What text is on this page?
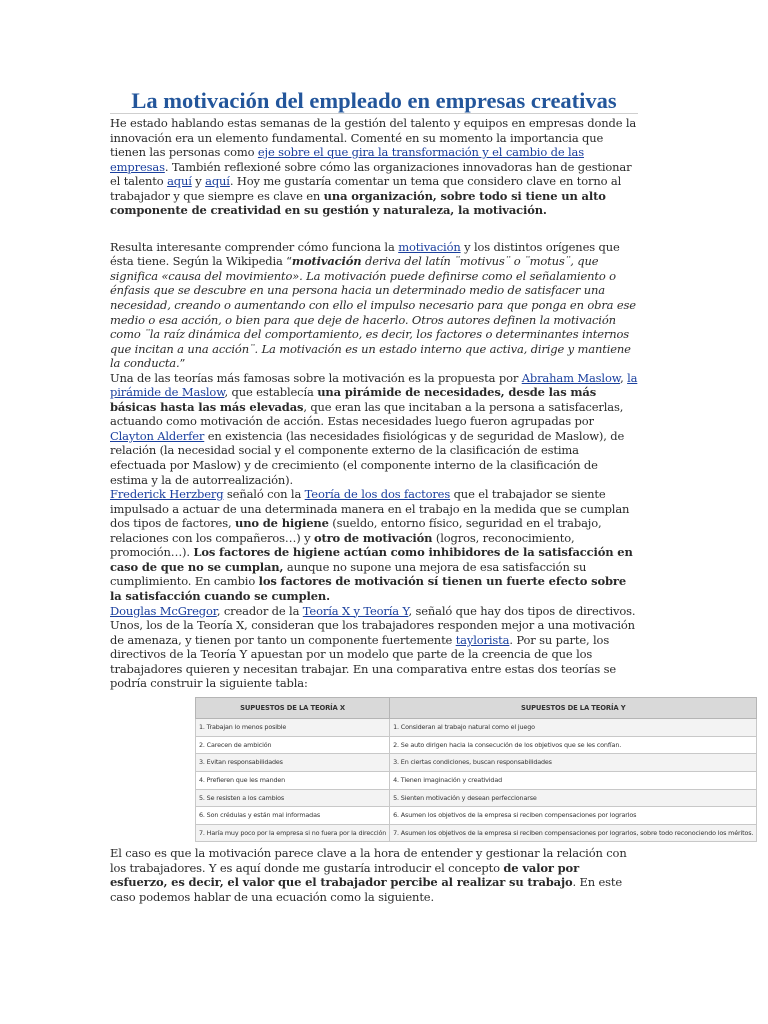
La motivación del empleado en empresas creativas

He estado hablando estas semanas de la gestión del talento y equipos en empresas donde la innovación era un elemento fundamental. Comenté en su momento la importancia que tienen las personas como eje sobre el que gira la transformación y el cambio de las empresas. También reflexioné sobre cómo las organizaciones innovadoras han de gestionar el talento aquí y aquí. Hoy me gustaría comentar un tema que considero clave en torno al trabajador y que siempre es clave en una organización, sobre todo si tiene un alto componente de creatividad en su gestión y naturaleza, la motivación.

Resulta interesante comprender cómo funciona la motivación y los distintos orígenes que ésta tiene. Según la Wikipedia “motivación deriva del latín ¨motivus¨ o ¨motus¨, que significa «causa del movimiento». La motivación puede definirse como el señalamiento o énfasis que se descubre en una persona hacia un determinado medio de satisfacer una necesidad, creando o aumentando con ello el impulso necesario para que ponga en obra ese medio o esa acción, o bien para que deje de hacerlo. Otros autores definen la motivación como ¨la raíz dinámica del comportamiento, es decir, los factores o determinantes internos que incitan a una acción¨. La motivación es un estado interno que activa, dirige y mantiene la conducta.”

Una de las teorías más famosas sobre la motivación es la propuesta por Abraham Maslow, la pirámide de Maslow, que establecía una pirámide de necesidades, desde las más básicas hasta las más elevadas, que eran las que incitaban a la persona a satisfacerlas, actuando como motivación de acción. Estas necesidades luego fueron agrupadas por Clayton Alderfer en existencia (las necesidades fisiológicas y de seguridad de Maslow), de relación (la necesidad social y el componente externo de la clasificación de estima efectuada por Maslow) y de crecimiento (el componente interno de la clasificación de estima y la de autorrealización).

Frederick Herzberg señaló con la Teoría de los dos factores que el trabajador se siente impulsado a actuar de una determinada manera en el trabajo en la medida que se cumplan dos tipos de factores, uno de higiene (sueldo, entorno físico, seguridad en el trabajo, relaciones con los compañeros…) y otro de motivación (logros, reconocimiento, promoción…). Los factores de higiene actúan como inhibidores de la satisfacción en caso de que no se cumplan, aunque no supone una mejora de esa satisfacción su cumplimiento. En cambio los factores de motivación sí tienen un fuerte efecto sobre la satisfacción cuando se cumplen.

Douglas McGregor, creador de la Teoría X y Teoría Y, señaló que hay dos tipos de directivos. Unos, los de la Teoría X, consideran que los trabajadores responden mejor a una motivación de amenaza, y tienen por tanto un componente fuertemente taylorista. Por su parte, los directivos de la Teoría Y apuestan por un modelo que parte de la creencia de que los trabajadores quieren y necesitan trabajar. En una comparativa entre estas dos teorías se podría construir la siguiente tabla:

SUPUESTOS DE LA TEORÍA X	SUPUESTOS DE LA TEORÍA Y
1. Trabajan lo menos posible	1. Consideran al trabajo natural como el juego
2. Carecen de ambición	2. Se auto dirigen hacia la consecución de los objetivos que se les confían.
3. Evitan responsabilidades	3. En ciertas condiciones, buscan responsabilidades
4. Prefieren que les manden	4. Tienen imaginación y creatividad
5. Se resisten a los cambios	5. Sienten motivación y desean perfeccionarse
6. Son crédulas y están mal informadas	6. Asumen los objetivos de la empresa si reciben compensaciones por lograrlos
7. Haría muy poco por la empresa si no fuera por la dirección	7. Asumen los objetivos de la empresa si reciben compensaciones por lograrlos, sobre todo reconociendo los méritos.

El caso es que la motivación parece clave a la hora de entender y gestionar la relación con los trabajadores. Y es aquí donde me gustaría introducir el concepto de valor por esfuerzo, es decir, el valor que el trabajador percibe al realizar su trabajo. En este caso podemos hablar de una ecuación como la siguiente.
